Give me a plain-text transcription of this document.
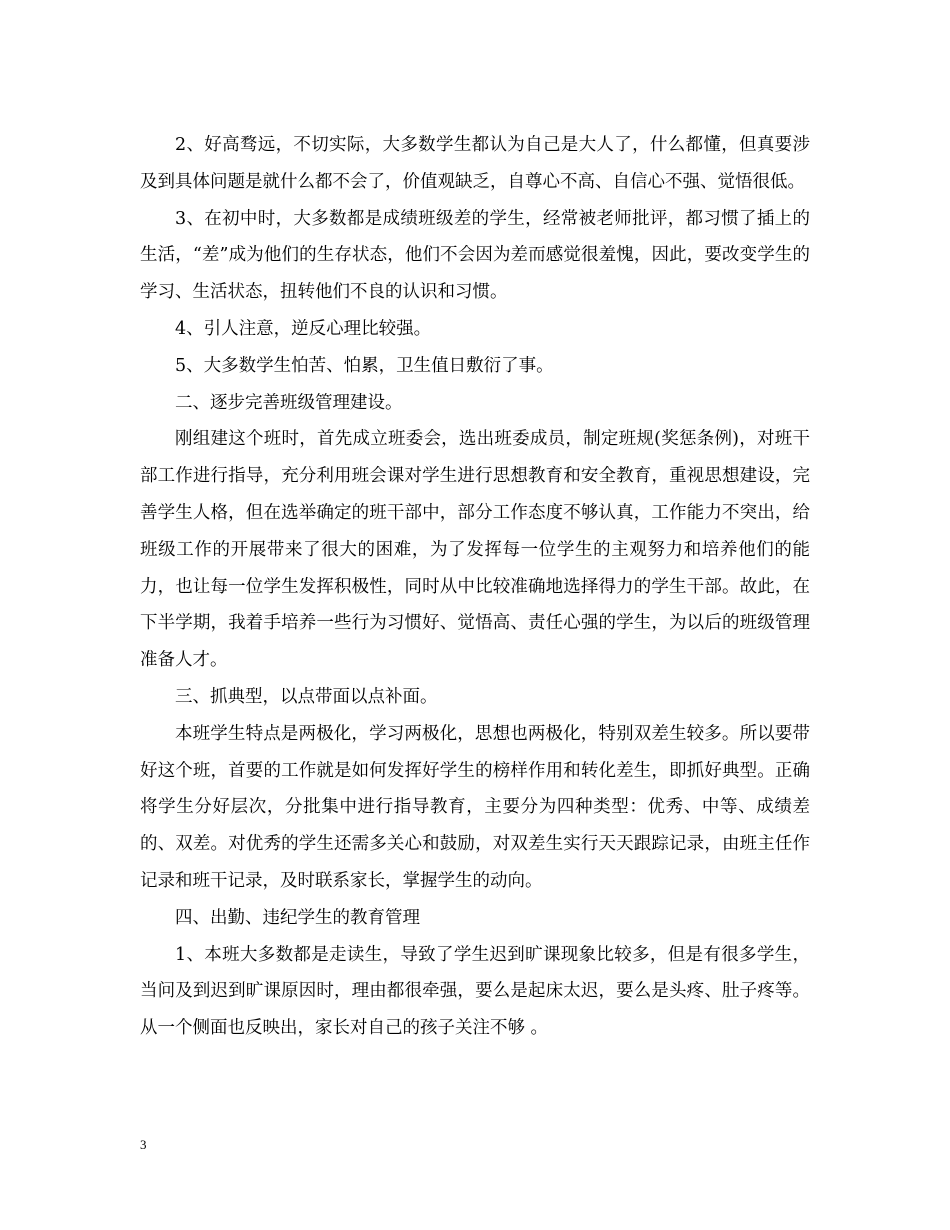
2、好高骛远，不切实际，大多数学生都认为自己是大人了，什么都懂，但真要涉及到具体问题是就什么都不会了，价值观缺乏，自尊心不高、自信心不强、觉悟很低。

3、在初中时，大多数都是成绩班级差的学生，经常被老师批评，都习惯了插上的生活，“差”成为他们的生存状态，他们不会因为差而感觉很羞愧，因此，要改变学生的学习、生活状态，扭转他们不良的认识和习惯。

4、引人注意，逆反心理比较强。

5、大多数学生怕苦、怕累，卫生值日敷衍了事。

二、逐步完善班级管理建设。

刚组建这个班时，首先成立班委会，选出班委成员，制定班规(奖惩条例)，对班干部工作进行指导，充分利用班会课对学生进行思想教育和安全教育，重视思想建设，完善学生人格，但在选举确定的班干部中，部分工作态度不够认真，工作能力不突出，给班级工作的开展带来了很大的困难，为了发挥每一位学生的主观努力和培养他们的能力，也让每一位学生发挥积极性，同时从中比较准确地选择得力的学生干部。故此，在下半学期，我着手培养一些行为习惯好、觉悟高、责任心强的学生，为以后的班级管理准备人才。

三、抓典型，以点带面以点补面。

本班学生特点是两极化，学习两极化，思想也两极化，特别双差生较多。所以要带好这个班，首要的工作就是如何发挥好学生的榜样作用和转化差生，即抓好典型。正确将学生分好层次，分批集中进行指导教育，主要分为四种类型：优秀、中等、成绩差的、双差。对优秀的学生还需多关心和鼓励，对双差生实行天天跟踪记录，由班主任作记录和班干记录，及时联系家长，掌握学生的动向。

四、出勤、违纪学生的教育管理

1、本班大多数都是走读生，导致了学生迟到旷课现象比较多，但是有很多学生，当问及到迟到旷课原因时，理由都很牵强，要么是起床太迟，要么是头疼、肚子疼等。从一个侧面也反映出，家长对自己的孩子关注不够 。

3
